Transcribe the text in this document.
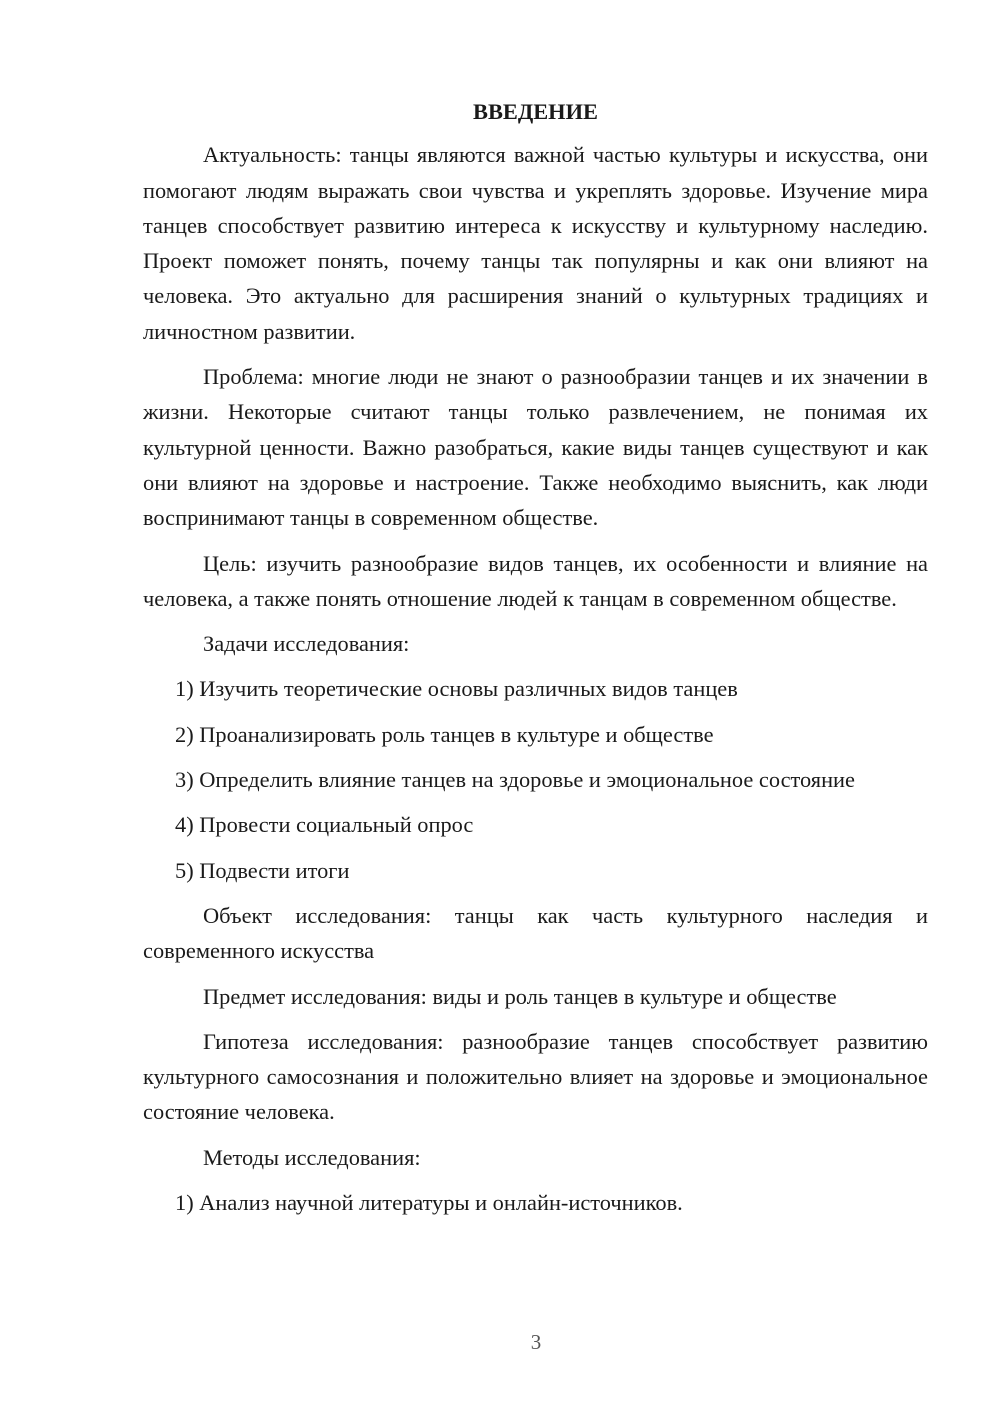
ВВЕДЕНИЕ

Актуальность: танцы являются важной частью культуры и искусства, они помогают людям выражать свои чувства и укреплять здоровье. Изучение мира танцев способствует развитию интереса к искусству и культурному наследию. Проект поможет понять, почему танцы так популярны и как они влияют на человека. Это актуально для расширения знаний о культурных традициях и личностном развитии.

Проблема: многие люди не знают о разнообразии танцев и их значении в жизни. Некоторые считают танцы только развлечением, не понимая их культурной ценности. Важно разобраться, какие виды танцев существуют и как они влияют на здоровье и настроение. Также необходимо выяснить, как люди воспринимают танцы в современном обществе.

Цель: изучить разнообразие видов танцев, их особенности и влияние на человека, а также понять отношение людей к танцам в современном обществе.

Задачи исследования:

1) Изучить теоретические основы различных видов танцев
2) Проанализировать роль танцев в культуре и обществе
3) Определить влияние танцев на здоровье и эмоциональное состояние
4) Провести социальный опрос
5) Подвести итоги

Объект исследования: танцы как часть культурного наследия и современного искусства

Предмет исследования: виды и роль танцев в культуре и обществе

Гипотеза исследования: разнообразие танцев способствует развитию культурного самосознания и положительно влияет на здоровье и эмоциональное состояние человека.

Методы исследования:

1) Анализ научной литературы и онлайн-источников.
3
